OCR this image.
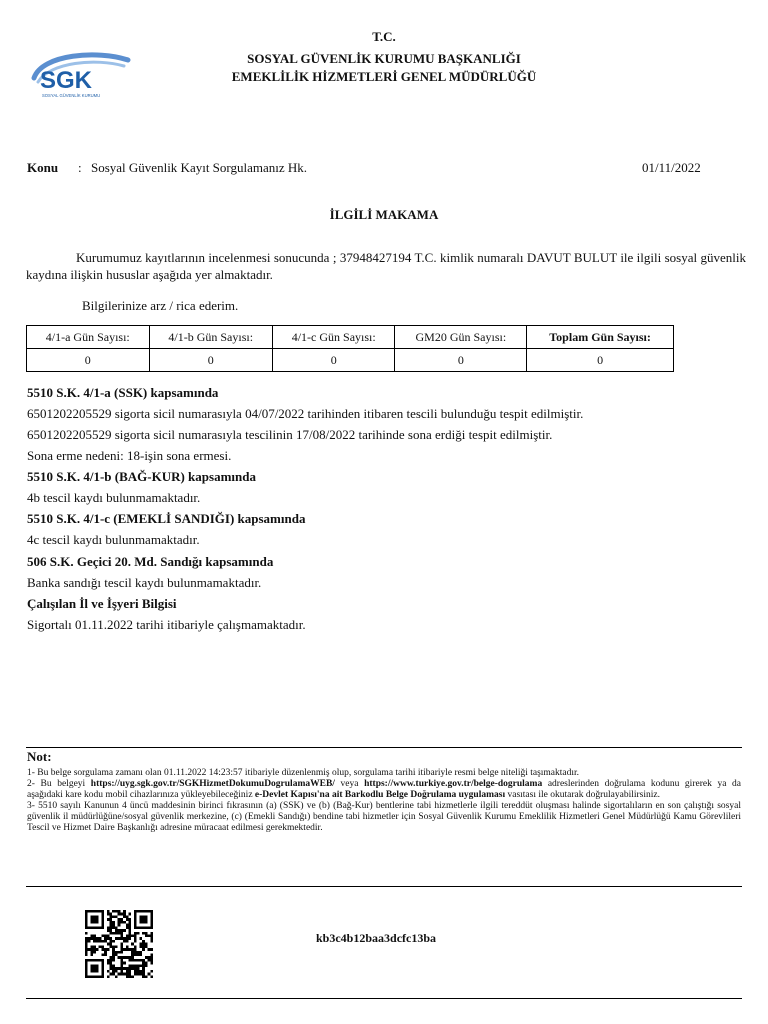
SGK
SOSYAL GÜVENLİK KURUMU
T.C.
SOSYAL GÜVENLİK KURUMU BAŞKANLIĞI
EMEKLİLİK HİZMETLERİ GENEL MÜDÜRLÜĞÜ
Konu : Sosyal Güvenlik Kayıt Sorgulamanız Hk.	01/11/2022
İLGİLİ MAKAMA
Kurumumuz kayıtlarının incelenmesi sonucunda ; 37948427194 T.C. kimlik numaralı DAVUT BULUT ile ilgili sosyal güvenlik kaydına ilişkin hususlar aşağıda yer almaktadır.
Bilgilerinize arz / rica ederim.
4/1-a Gün Sayısı:	4/1-b Gün Sayısı:	4/1-c Gün Sayısı:	GM20 Gün Sayısı:	Toplam Gün Sayısı:
0	0	0	0	0
5510 S.K. 4/1-a (SSK) kapsamında
6501202205529 sigorta sicil numarasıyla 04/07/2022 tarihinden itibaren tescili bulunduğu tespit edilmiştir.
6501202205529 sigorta sicil numarasıyla tescilinin 17/08/2022 tarihinde sona erdiği tespit edilmiştir.
Sona erme nedeni: 18-işin sona ermesi.
5510 S.K. 4/1-b (BAĞ-KUR) kapsamında
4b tescil kaydı bulunmamaktadır.
5510 S.K. 4/1-c (EMEKLİ SANDIĞI) kapsamında
4c tescil kaydı bulunmamaktadır.
506 S.K. Geçici 20. Md. Sandığı kapsamında
Banka sandığı tescil kaydı bulunmamaktadır.
Çalışılan İl ve İşyeri Bilgisi
Sigortalı 01.11.2022 tarihi itibariyle çalışmamaktadır.
Not:

1- Bu belge sorgulama zamanı olan 01.11.2022 14:23:57 itibariyle düzenlenmiş olup, sorgulama tarihi itibariyle resmi belge niteliği taşımaktadır.

2- Bu belgeyi https://uyg.sgk.gov.tr/SGKHizmetDokumuDogrulamaWEB/ veya https://www.turkiye.gov.tr/belge-dogrulama adreslerinden doğrulama kodunu girerek ya da aşağıdaki kare kodu mobil cihazlarınıza yükleyebileceğiniz e-Devlet Kapısı'na ait Barkodlu Belge Doğrulama uygulaması vasıtası ile okutarak doğrulayabilirsiniz.

3- 5510 sayılı Kanunun 4 üncü maddesinin birinci fıkrasının (a) (SSK) ve (b) (Bağ-Kur) bentlerine tabi hizmetlerle ilgili tereddüt oluşması halinde sigortalıların en son çalıştığı sosyal güvenlik il müdürlüğüne/sosyal güvenlik merkezine, (c) (Emekli Sandığı) bendine tabi hizmetler için Sosyal Güvenlik Kurumu Emeklilik Hizmetleri Genel Müdürlüğü Kamu Görevlileri Tescil ve Hizmet Daire Başkanlığı adresine müracaat edilmesi gerekmektedir.

kb3c4b12baa3dcfc13ba
